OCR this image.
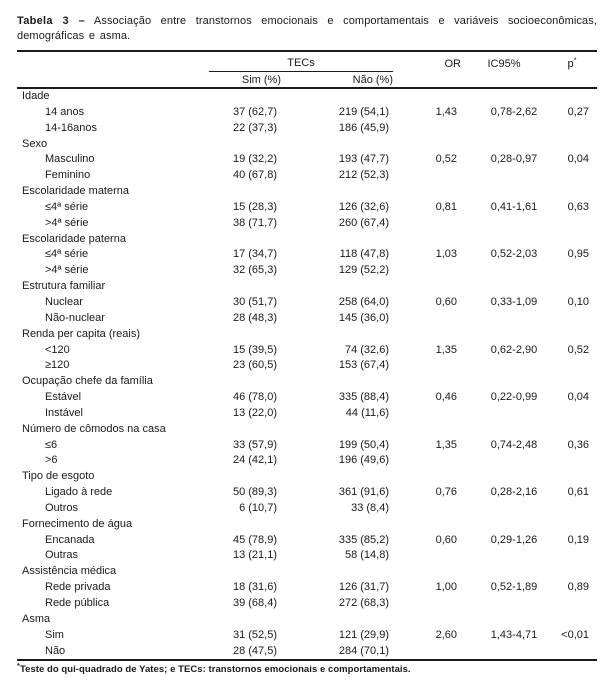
Tabela 3 – Associação entre transtornos emocionais e comportamentais e variáveis socioeconômicas, demográficas e asma.
	TECs		OR	IC95%	p*
	Sim (%)	Não (%)			
Idade					
14 anos	37 (62,7)	219 (54,1)	1,43	0,78-2,62	0,27
14-16anos	22 (37,3)	186 (45,9)			
Sexo					
Masculino	19 (32,2)	193 (47,7)	0,52	0,28-0,97	0,04
Feminino	40 (67,8)	212 (52,3)			
Escolaridade materna					
≤4ª série	15 (28,3)	126 (32,6)	0,81	0,41-1,61	0,63
>4ª série	38 (71,7)	260 (67,4)			
Escolaridade paterna					
≤4ª série	17 (34,7)	118 (47,8)	1,03	0,52-2,03	0,95
>4ª série	32 (65,3)	129 (52,2)			
Estrutura familiar					
Nuclear	30 (51,7)	258 (64,0)	0,60	0,33-1,09	0,10
Não-nuclear	28 (48,3)	145 (36,0)			
Renda per capita (reais)					
<120	15 (39,5)	74 (32,6)	1,35	0,62-2,90	0,52
≥120	23 (60,5)	153 (67,4)			
Ocupação chefe da família					
Estável	46 (78,0)	335 (88,4)	0,46	0,22-0,99	0,04
Instável	13 (22,0)	44 (11,6)			
Número de cômodos na casa					
≤6	33 (57,9)	199 (50,4)	1,35	0,74-2,48	0,36
>6	24 (42,1)	196 (49,6)			
Tipo de esgoto					
Ligado à rede	50 (89,3)	361 (91,6)	0,76	0,28-2,16	0,61
Outros	6 (10,7)	33 (8,4)			
Fornecimento de água					
Encanada	45 (78,9)	335 (85,2)	0,60	0,29-1,26	0,19
Outras	13 (21,1)	58 (14,8)			
Assistência médica					
Rede privada	18 (31,6)	126 (31,7)	1,00	0,52-1,89	0,89
Rede pública	39 (68,4)	272 (68,3)			
Asma					
Sim	31 (52,5)	121 (29,9)	2,60	1,43-4,71	<0,01
Não	28 (47,5)	284 (70,1)			
*Teste do qui-quadrado de Yates; e TECs: transtornos emocionais e comportamentais.
